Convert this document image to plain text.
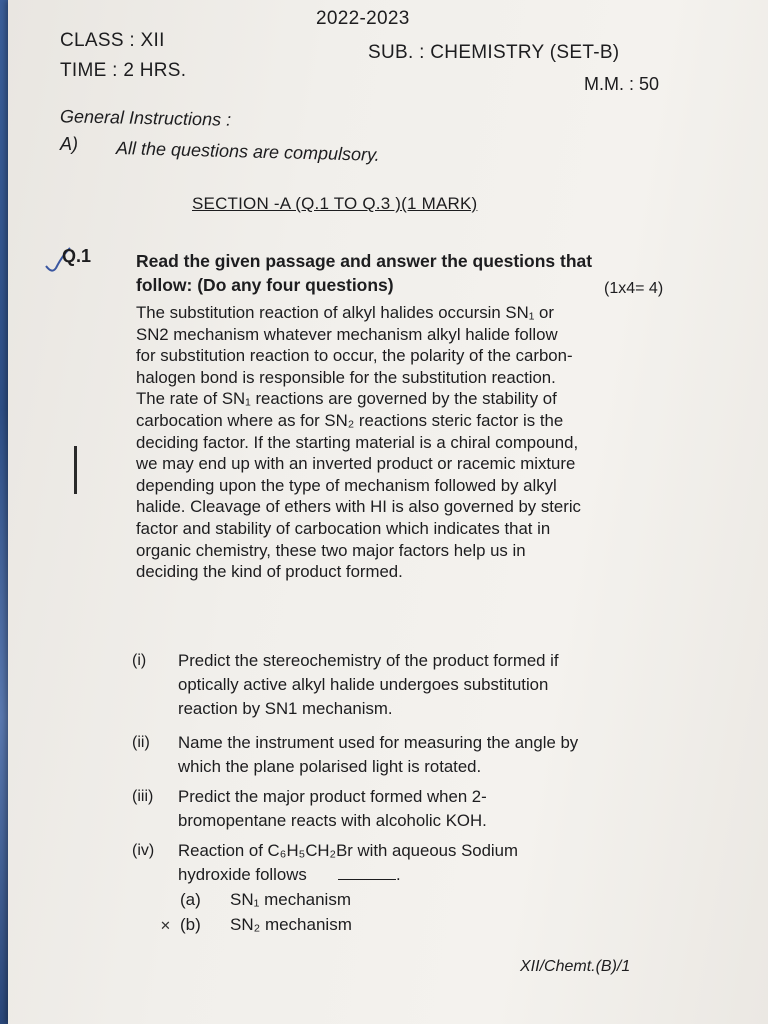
2022-2023
CLASS : XII
TIME : 2 HRS.
SUB. : CHEMISTRY (SET-B)
M.M. : 50
General Instructions :
A) All the questions are compulsory.
SECTION -A (Q.1 TO Q.3 )(1 MARK)
Q.1	Read the given passage and answer the questions that
follow: (Do any four questions)	(1x4= 4)
The substitution reaction of alkyl halides occursin SN₁ or
SN2 mechanism whatever mechanism alkyl halide follow
for substitution reaction to occur, the polarity of the carbon-
halogen bond is responsible for the substitution reaction.
The rate of SN₁ reactions are governed by the stability of
carbocation where as for SN₂ reactions steric factor is the
deciding factor. If the starting material is a chiral compound,
we may end up with an inverted product or racemic mixture
depending upon the type of mechanism followed by alkyl
halide. Cleavage of ethers with HI is also governed by steric
factor and stability of carbocation which indicates that in
organic chemistry, these two major factors help us in
deciding the kind of product formed.
(i) Predict the stereochemistry of the product formed if
optically active alkyl halide undergoes substitution
reaction by SN1 mechanism.
(ii) Name the instrument used for measuring the angle by
which the plane polarised light is rotated.
(iii) Predict the major product formed when 2-
bromopentane reacts with alcoholic KOH.
(iv) Reaction of C₆H₅CH₂Br with aqueous Sodium
hydroxide follows	.
(a) SN₁ mechanism
✕ (b) SN₂ mechanism
XII/Chemt.(B)/1
